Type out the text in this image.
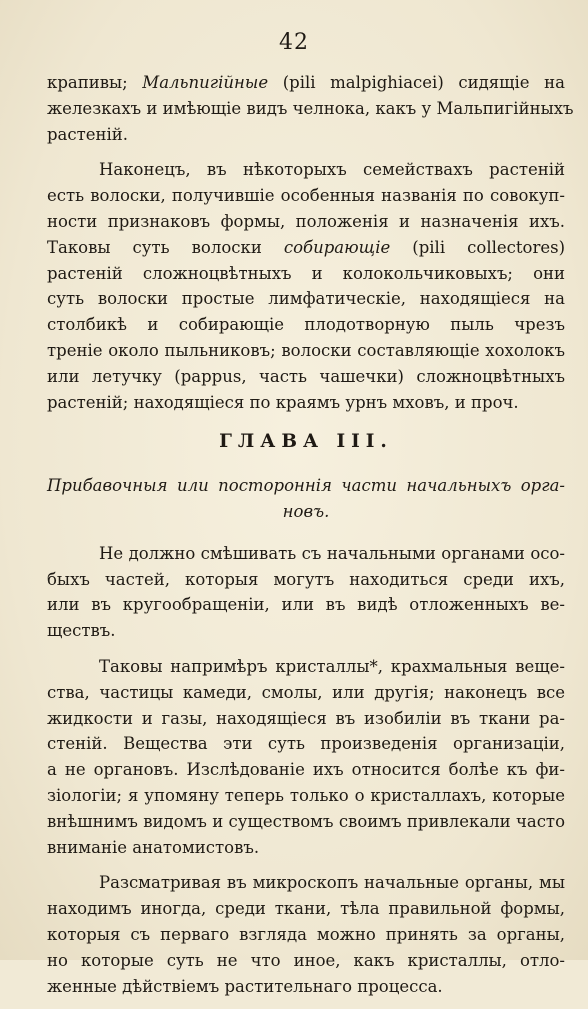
42
крапивы; Мальпигійные (pili malpighiacei) сидящіе на
железкахъ и имѣющіе видъ челнока, какъ у Мальпигійныхъ
растеній.
Наконецъ, въ нѣкоторыхъ семействахъ растеній
есть волоски, получившіе особенныя названія по совокуп-
ности признаковъ формы, положенія и назначенія ихъ.
Таковы суть волоски собирающіе (pili collectores)
растеній сложноцвѣтныхъ и колокольчиковыхъ; они
суть волоски простые лимфатическіе, находящіеся на
столбикѣ и собирающіе плодотворную пыль чрезъ
треніе около пыльниковъ; волоски составляющіе хохолокъ
или летучку (pappus, часть чашечки) сложноцвѣтныхъ
растеній; находящіеся по краямъ урнъ мховъ, и проч.
ГЛАВА III.
Прибавочныя или постороннія части начальныхъ орга-
новъ.
Не должно смѣшивать съ начальными органами осо-
быхъ частей, которыя могутъ находиться среди ихъ,
или въ кругообращеніи, или въ видѣ отложенныхъ ве-
ществъ.
Таковы напримѣръ кристаллы*, крахмальныя веще-
ства, частицы камеди, смолы, или другія; наконецъ все
жидкости и газы, находящіеся въ изобиліи въ ткани ра-
стеній. Вещества эти суть произведенія организаціи,
а не органовъ. Изслѣдованіе ихъ относится болѣе къ фи-
зіологіи; я упомяну теперь только о кристаллахъ, которые
внѣшнимъ видомъ и существомъ своимъ привлекали часто
вниманіе анатомистовъ.
Разсматривая въ микроскопъ начальные органы, мы
находимъ иногда, среди ткани, тѣла правильной формы,
которыя съ перваго взгляда можно принять за органы,
но которые суть не что иное, какъ кристаллы, отло-
женные дѣйствіемъ растительнаго процесса.
